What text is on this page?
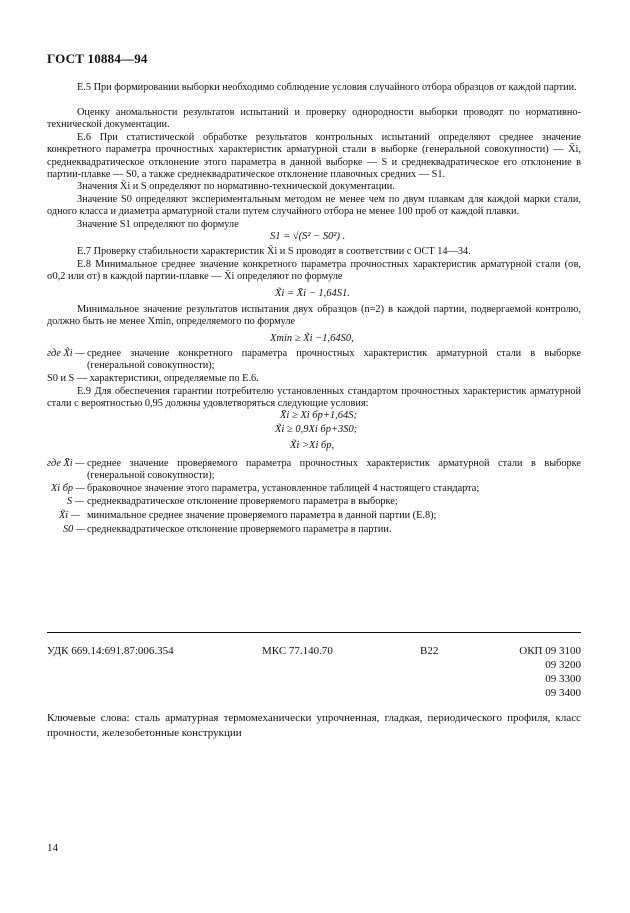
ГОСТ 10884—94
Е.5 При формировании выборки необходимо соблюдение условия случайного отбора образцов от каждой партии.
Оценку аномальности результатов испытаний и проверку однородности выборки проводят по нормативно-технической документации.
Е.6 При статистической обработке результатов контрольных испытаний определяют среднее значение конкретного параметра прочностных характеристик арматурной стали в выборке (генеральной совокупности) — X̄i, среднеквадратическое отклонение этого параметра в данной выборке — S и среднеквадратическое его отклонение в партии-плавке — S0, а также среднеквадратическое отклонение плавочных средних — S1.
Значения X̄i и S определяют по нормативно-технической документации.
Значение S0 определяют экспериментальным методом не менее чем по двум плавкам для каждой марки стали, одного класса и диаметра арматурной стали путем случайного отбора не менее 100 проб от каждой плавки.
Значение S1 определяют по формуле
S1 = √(S² − S0²) .
Е.7 Проверку стабильности характеристик X̄i и S проводят в соответствии с ОСТ 14—34.
Е.8 Минимальное среднее значение конкретного параметра прочностных характеристик арматурной стали (σв, σ0,2 или σт) в каждой партии-плавке — X̃i определяют по формуле
X̃i = X̄i − 1,64S1.
Минимальное значение результатов испытания двух образцов (n=2) в каждой партии, подвергаемой контролю, должно быть не менее Xmin, определяемого по формуле
Xmin ≥ X̃i −1,64S0,
где X̃i — среднее значение конкретного параметра прочностных характеристик арматурной стали в выборке (генеральной совокупности);
S0 и S — характеристики, определяемые по Е.6.
Е.9 Для обеспечения гарантии потребителю установленных стандартом прочностных характеристик арматурной стали с вероятностью 0,95 должны удовлетворяться следующие условия:
X̄i ≥ Xi бр+1,64S;
X̃i ≥ 0,9Xi бр+3S0;
X̃i >Xi бр,
где X̄i — среднее значение проверяемого параметра прочностных характеристик арматурной стали в выборке (генеральной совокупности);
Xi бр — браковочное значение этого параметра, установленное таблицей 4 настоящего стандарта;
S — среднеквадратическое отклонение проверяемого параметра в выборке;
X̃i — минимальное среднее значение проверяемого параметра в данной партии (Е.8);
S0 — среднеквадратическое отклонение проверяемого параметра в партии.
УДК 669.14:691.87:006.354	МКС 77.140.70	В22	ОКП 09 3100
09 3200
09 3300
09 3400
Ключевые слова: сталь арматурная термомеханически упрочненная, гладкая, периодического профиля, класс прочности, железобетонные конструкции
14
